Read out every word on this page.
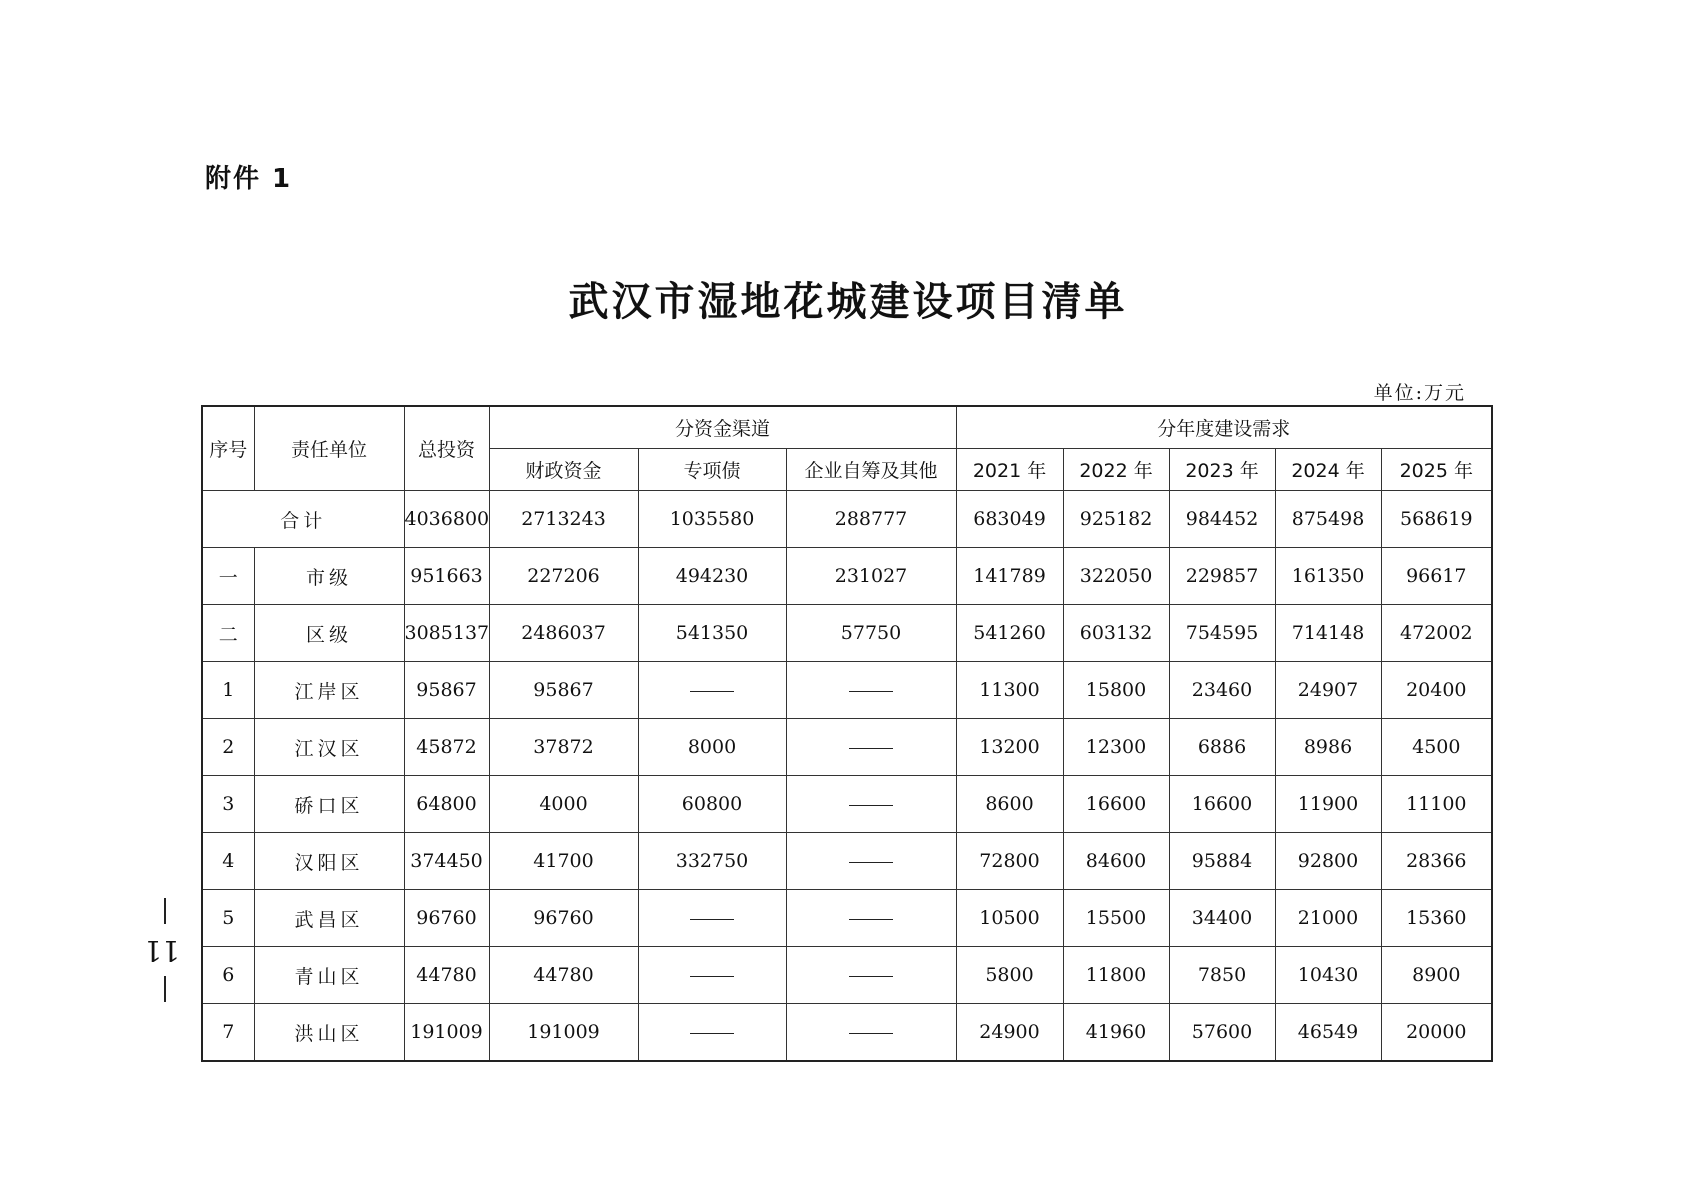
附件 1
武汉市湿地花城建设项目清单
单位:万元
11
序号	责任单位	总投资	分资金渠道			分年度建设需求				
			财政资金	专项债	企业自筹及其他	2021 年	2022 年	2023 年	2024 年	2025 年
合计		4036800	2713243	1035580	288777	683049	925182	984452	875498	568619
一	市级	951663	227206	494230	231027	141789	322050	229857	161350	96617
二	区级	3085137	2486037	541350	57750	541260	603132	754595	714148	472002
1	江岸区	95867	95867			11300	15800	23460	24907	20400
2	江汉区	45872	37872	8000		13200	12300	6886	8986	4500
3	硚口区	64800	4000	60800		8600	16600	16600	11900	11100
4	汉阳区	374450	41700	332750		72800	84600	95884	92800	28366
5	武昌区	96760	96760			10500	15500	34400	21000	15360
6	青山区	44780	44780			5800	11800	7850	10430	8900
7	洪山区	191009	191009			24900	41960	57600	46549	20000
